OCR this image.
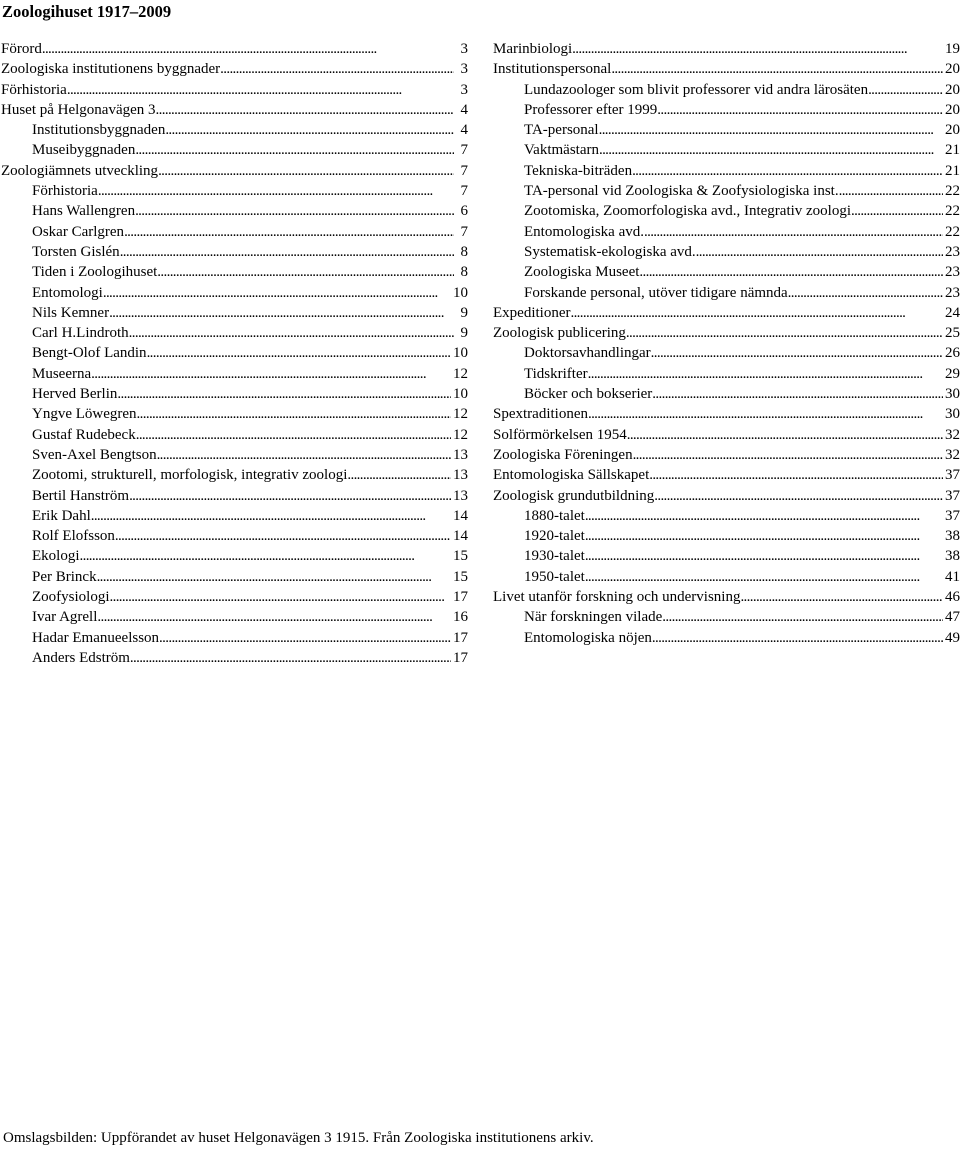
Zoologihuset 1917–2009
Förord . . .	3
Zoologiska institutionens byggnader . . .	3
Förhistoria . . .	3
Huset på Helgonavägen 3 . . .	4
Institutionsbyggnaden . . .	4
Museibyggnaden . . .	7
Zoologiämnets utveckling . . .	7
Förhistoria . . .	7
Hans Wallengren . . .	6
Oskar Carlgren . . .	7
Torsten Gislén . . .	8
Tiden i Zoologihuset . . .	8
Entomologi . . .	10
Nils Kemner . . .	9
Carl H.Lindroth . . .	9
Bengt-Olof Landin . . .	10
Museerna . . .	12
Herved Berlin . . .	10
Yngve Löwegren . . .	12
Gustaf Rudebeck . . .	12
Sven-Axel Bengtson . . .	13
Zootomi, strukturell, morfologisk, integrativ zoologi . . .	13
Bertil Hanström . . .	13
Erik Dahl . . .	14
Rolf Elofsson . . .	14
Ekologi . . .	15
Per Brinck . . .	15
Zoofysiologi . . .	17
Ivar Agrell . . .	16
Hadar Emanueelsson . . .	17
Anders Edström . . .	17
Marinbiologi . . .	19
Institutionspersonal . . .	20
Lundazoologer som blivit professorer vid andra lärosäten . . .	20
Professorer efter 1999 . . .	20
TA-personal . . .	20
Vaktmästarn . . .	21
Tekniska-biträden . . .	21
TA-personal vid Zoologiska & Zoofysiologiska inst. . . .	22
Zootomiska, Zoomorfologiska avd., Integrativ zoologi . . .	22
Entomologiska avd. . . .	22
Systematisk-ekologiska avd. . . .	23
Zoologiska Museet . . .	23
Forskande personal, utöver tidigare nämnda . . .	23
Expeditioner . . .	24
Zoologisk publicering . . .	25
Doktorsavhandlingar . . .	26
Tidskrifter . . .	29
Böcker och bokserier . . .	30
Spextraditionen . . .	30
Solförmörkelsen 1954 . . .	32
Zoologiska Föreningen . . .	32
Entomologiska Sällskapet . . .	37
Zoologisk grundutbildning . . .	37
1880-talet . . .	37
1920-talet . . .	38
1930-talet . . .	38
1950-talet . . .	41
Livet utanför forskning och undervisning . . .	46
När forskningen vilade . . .	47
Entomologiska nöjen . . .	49
Omslagsbilden: Uppförandet av huset Helgonavägen 3 1915. Från Zoologiska institutionens arkiv.
